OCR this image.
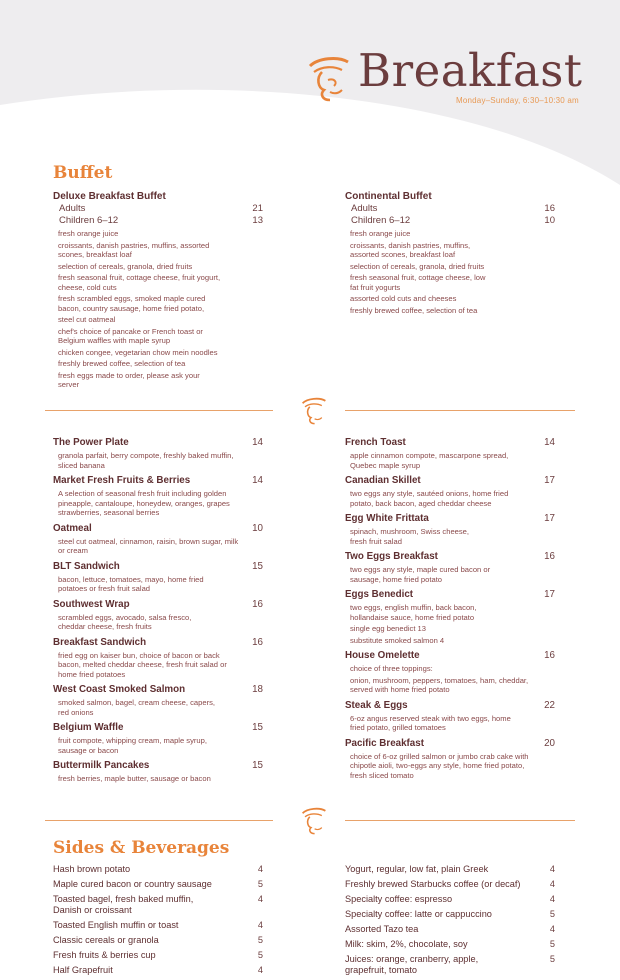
Breakfast
Monday–Sunday, 6:30–10:30 am
Buffet
Deluxe Breakfast Buffet
Adults	21
Children 6–12	13
fresh orange juice
croissants, danish pastries, muffins, assorted scones, breakfast loaf
selection of cereals, granola, dried fruits
fresh seasonal fruit, cottage cheese, fruit yogurt, cheese, cold cuts
fresh scrambled eggs, smoked maple cured bacon, country sausage, home fried potato,
steel cut oatmeal
chef's choice of pancake or French toast or Belgium waffles with maple syrup
chicken congee, vegetarian chow mein noodles
freshly brewed coffee, selection of tea
fresh eggs made to order, please ask your server
Continental Buffet
Adults	16
Children 6–12	10
fresh orange juice
croissants, danish pastries, muffins, assorted scones, breakfast loaf
selection of cereals, granola, dried fruits
fresh seasonal fruit, cottage cheese, low fat fruit yogurts
assorted cold cuts and cheeses
freshly brewed coffee, selection of tea
The Power Plate	14
granola parfait, berry compote, freshly baked muffin, sliced banana
Market Fresh Fruits & Berries	14
A selection of seasonal fresh fruit including golden pineapple, cantaloupe, honeydew, oranges, grapes strawberries, seasonal berries
Oatmeal	10
steel cut oatmeal, cinnamon, raisin, brown sugar, milk or cream
BLT Sandwich	15
bacon, lettuce, tomatoes, mayo, home fried potatoes or fresh fruit salad
Southwest Wrap	16
scrambled eggs, avocado, salsa fresco, cheddar cheese, fresh fruits
Breakfast Sandwich	16
fried egg on kaiser bun, choice of bacon or back bacon, melted cheddar cheese, fresh fruit salad or home fried potatoes
West Coast Smoked Salmon	18
smoked salmon, bagel, cream cheese, capers, red onions
Belgium Waffle	15
fruit compote, whipping cream, maple syrup, sausage or bacon
Buttermilk Pancakes	15
fresh berries, maple butter, sausage or bacon
French Toast	14
apple cinnamon compote, mascarpone spread, Quebec maple syrup
Canadian Skillet	17
two eggs any style, sautéed onions, home fried potato, back bacon, aged cheddar cheese
Egg White Frittata	17
spinach, mushroom, Swiss cheese, fresh fruit salad
Two Eggs Breakfast	16
two eggs any style, maple cured bacon or sausage, home fried potato
Eggs Benedict	17
two eggs, english muffin, back bacon, hollandaise sauce, home fried potato
single egg benedict 13
substitute smoked salmon 4
House Omelette	16
choice of three toppings:
onion, mushroom, peppers, tomatoes, ham, cheddar, served with home fried potato
Steak & Eggs	22
6-oz angus reserved steak with two eggs, home fried potato, grilled tomatoes
Pacific Breakfast	20
choice of 6-oz grilled salmon or jumbo crab cake with chipotle aioli, two-eggs any style, home fried potato, fresh sliced tomato
Sides & Beverages
Hash brown potato	4
Maple cured bacon or country sausage	5
Toasted bagel, fresh baked muffin,
Danish or croissant
4
Toasted English muffin or toast	4
Classic cereals or granola	5
Fresh fruits & berries cup	5
Half Grapefruit	4
Yogurt, regular, low fat, plain Greek	4
Freshly brewed Starbucks coffee (or decaf)	4
Specialty coffee: espresso	4
Specialty coffee: latte or cappuccino	5
Assorted Tazo tea	4
Milk: skim, 2%, chocolate, soy	5
Juices: orange, cranberry, apple,
grapefruit, tomato
5
